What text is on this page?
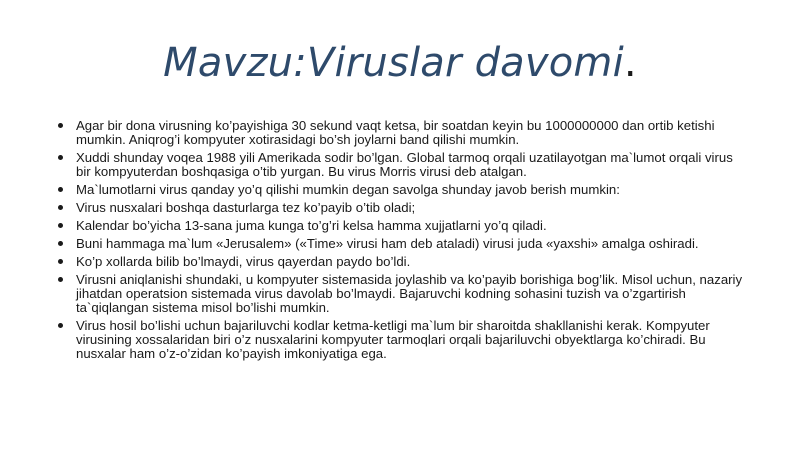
Mavzu:Viruslar davomi.
Agar bir dona virusning ko’payishiga 30 sekund vaqt ketsa, bir soatdan keyin bu 1000000000 dan ortib ketishi mumkin. Aniqrog’i kompyuter xotirasidagi bo’sh joylarni band qilishi mumkin.
Xuddi shunday voqea 1988 yili Amerikada sodir bo’lgan. Global tarmoq orqali uzatilayotgan ma`lumot orqali virus bir kompyuterdan boshqasiga o’tib yurgan. Bu virus Morris virusi deb atalgan.
Ma`lumotlarni virus qanday yo’q qilishi mumkin degan savolga shunday javob berish mumkin:
Virus nusxalari boshqa dasturlarga tez ko’payib o’tib oladi;
Kalendar bo’yicha 13-sana juma kunga to’g’ri kelsa hamma xujjatlarni yo’q qiladi.
Buni hammaga ma`lum «Jerusalem» («Time» virusi ham deb ataladi) virusi juda «yaxshi» amalga oshiradi.
Ko’p xollarda bilib bo’lmaydi, virus qayerdan paydo bo’ldi.
Virusni aniqlanishi shundaki, u kompyuter sistemasida joylashib va ko’payib borishiga bog’lik. Misol uchun, nazariy jihatdan operatsion sistemada virus davolab bo’lmaydi. Bajaruvchi kodning sohasini tuzish va o’zgartirish ta`qiqlangan sistema misol bo’lishi mumkin.
Virus hosil bo’lishi uchun bajariluvchi kodlar ketma-ketligi ma`lum bir sharoitda shakllanishi kerak. Kompyuter virusining xossalaridan biri o’z nusxalarini kompyuter tarmoqlari orqali bajariluvchi obyektlarga ko’chiradi. Bu nusxalar ham o’z-o’zidan ko’payish imkoniyatiga ega.
